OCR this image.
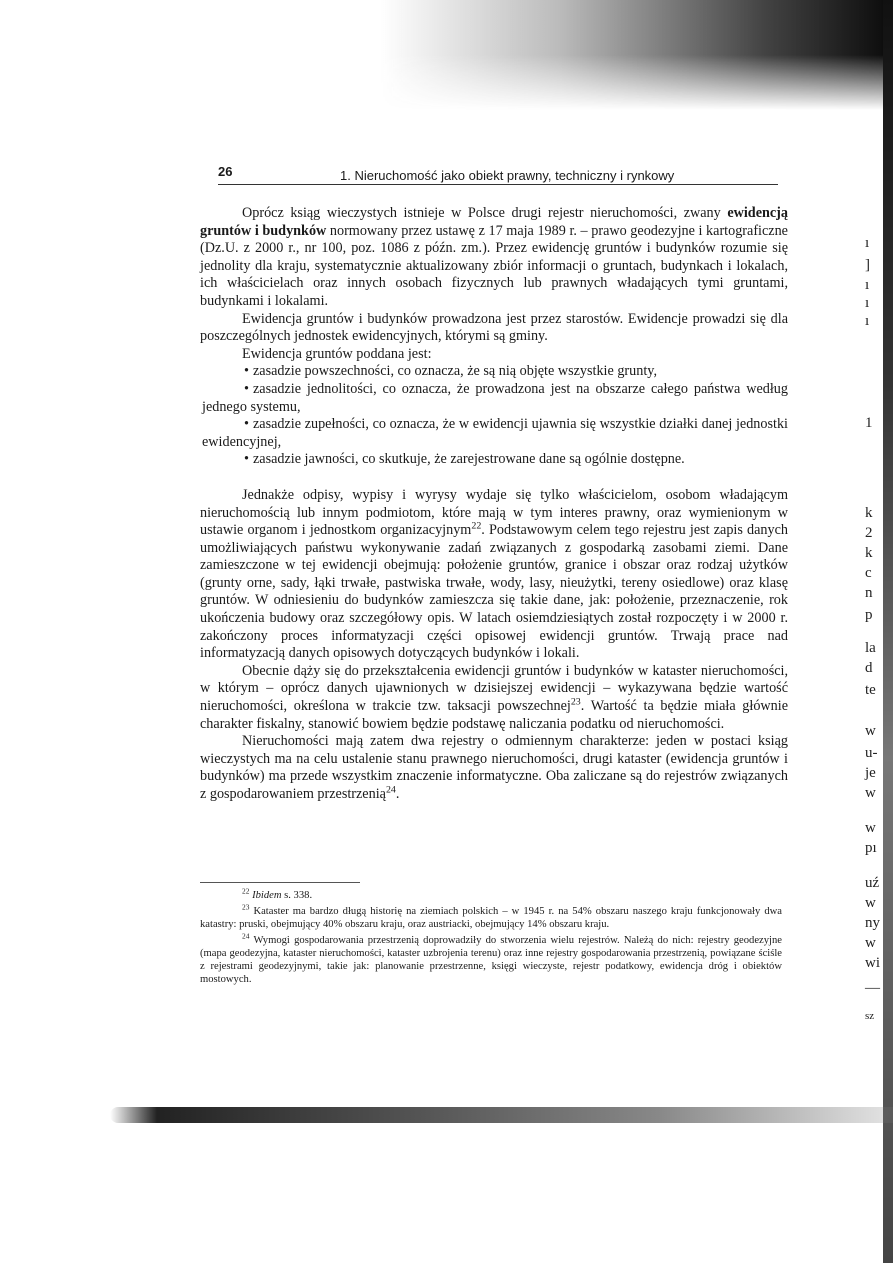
ı
]
ı
ı
ı
1
k
2
k
c
n
p
la
d
te
w
u-
je
w
w
pı
uź
w
ny
w
wi
—
sz
26	1. Nieruchomość jako obiekt prawny, techniczny i rynkowy

Oprócz ksiąg wieczystych istnieje w Polsce drugi rejestr nieruchomości, zwany ewidencją gruntów i budynków normowany przez ustawę z 17 maja 1989 r. – prawo geodezyjne i kartograficzne (Dz.U. z 2000 r., nr 100, poz. 1086 z późn. zm.). Przez ewidencję gruntów i budynków rozumie się jednolity dla kraju, systematycznie aktualizowany zbiór informacji o gruntach, budynkach i lokalach, ich właścicielach oraz innych osobach fizycznych lub prawnych władających tymi gruntami, budynkami i lokalami.

Ewidencja gruntów i budynków prowadzona jest przez starostów. Ewidencje prowadzi się dla poszczególnych jednostek ewidencyjnych, którymi są gminy.

Ewidencja gruntów poddana jest:

• zasadzie powszechności, co oznacza, że są nią objęte wszystkie grunty,

• zasadzie jednolitości, co oznacza, że prowadzona jest na obszarze całego państwa według jednego systemu,

• zasadzie zupełności, co oznacza, że w ewidencji ujawnia się wszystkie działki danej jednostki ewidencyjnej,

• zasadzie jawności, co skutkuje, że zarejestrowane dane są ogólnie dostępne.

Jednakże odpisy, wypisy i wyrysy wydaje się tylko właścicielom, osobom władającym nieruchomością lub innym podmiotom, które mają w tym interes prawny, oraz wymienionym w ustawie organom i jednostkom organizacyjnym$^{22}$. Podstawowym celem tego rejestru jest zapis danych umożliwiających państwu wykonywanie zadań związanych z gospodarką zasobami ziemi. Dane zamieszczone w tej ewidencji obejmują: położenie gruntów, granice i obszar oraz rodzaj użytków (grunty orne, sady, łąki trwałe, pastwiska trwałe, wody, lasy, nieużytki, tereny osiedlowe) oraz klasę gruntów. W odniesieniu do budynków zamieszcza się takie dane, jak: położenie, przeznaczenie, rok ukończenia budowy oraz szczegółowy opis. W latach osiemdziesiątych został rozpoczęty i w 2000 r. zakończony proces informatyzacji części opisowej ewidencji gruntów. Trwają prace nad informatyzacją danych opisowych dotyczących budynków i lokali.

Obecnie dąży się do przekształcenia ewidencji gruntów i budynków w kataster nieruchomości, w którym – oprócz danych ujawnionych w dzisiejszej ewidencji – wykazywana będzie wartość nieruchomości, określona w trakcie tzw. taksacji powszechnej$^{23}$. Wartość ta będzie miała głównie charakter fiskalny, stanowić bowiem będzie podstawę naliczania podatku od nieruchomości.

Nieruchomości mają zatem dwa rejestry o odmiennym charakterze: jeden w postaci ksiąg wieczystych ma na celu ustalenie stanu prawnego nieruchomości, drugi kataster (ewidencja gruntów i budynków) ma przede wszystkim znaczenie informatyczne. Oba zaliczane są do rejestrów związanych z gospodarowaniem przestrzenią$^{24}$.

$^{22}$ Ibidem s. 338.

$^{23}$ Kataster ma bardzo długą historię na ziemiach polskich – w 1945 r. na 54% obszaru naszego kraju funkcjonowały dwa katastry: pruski, obejmujący 40% obszaru kraju, oraz austriacki, obejmujący 14% obszaru kraju.

$^{24}$ Wymogi gospodarowania przestrzenią doprowadziły do stworzenia wielu rejestrów. Należą do nich: rejestry geodezyjne (mapa geodezyjna, kataster nieruchomości, kataster uzbrojenia terenu) oraz inne rejestry gospodarowania przestrzenią, powiązane ściśle z rejestrami geodezyjnymi, takie jak: planowanie przestrzenne, księgi wieczyste, rejestr podatkowy, ewidencja dróg i obiektów mostowych.
